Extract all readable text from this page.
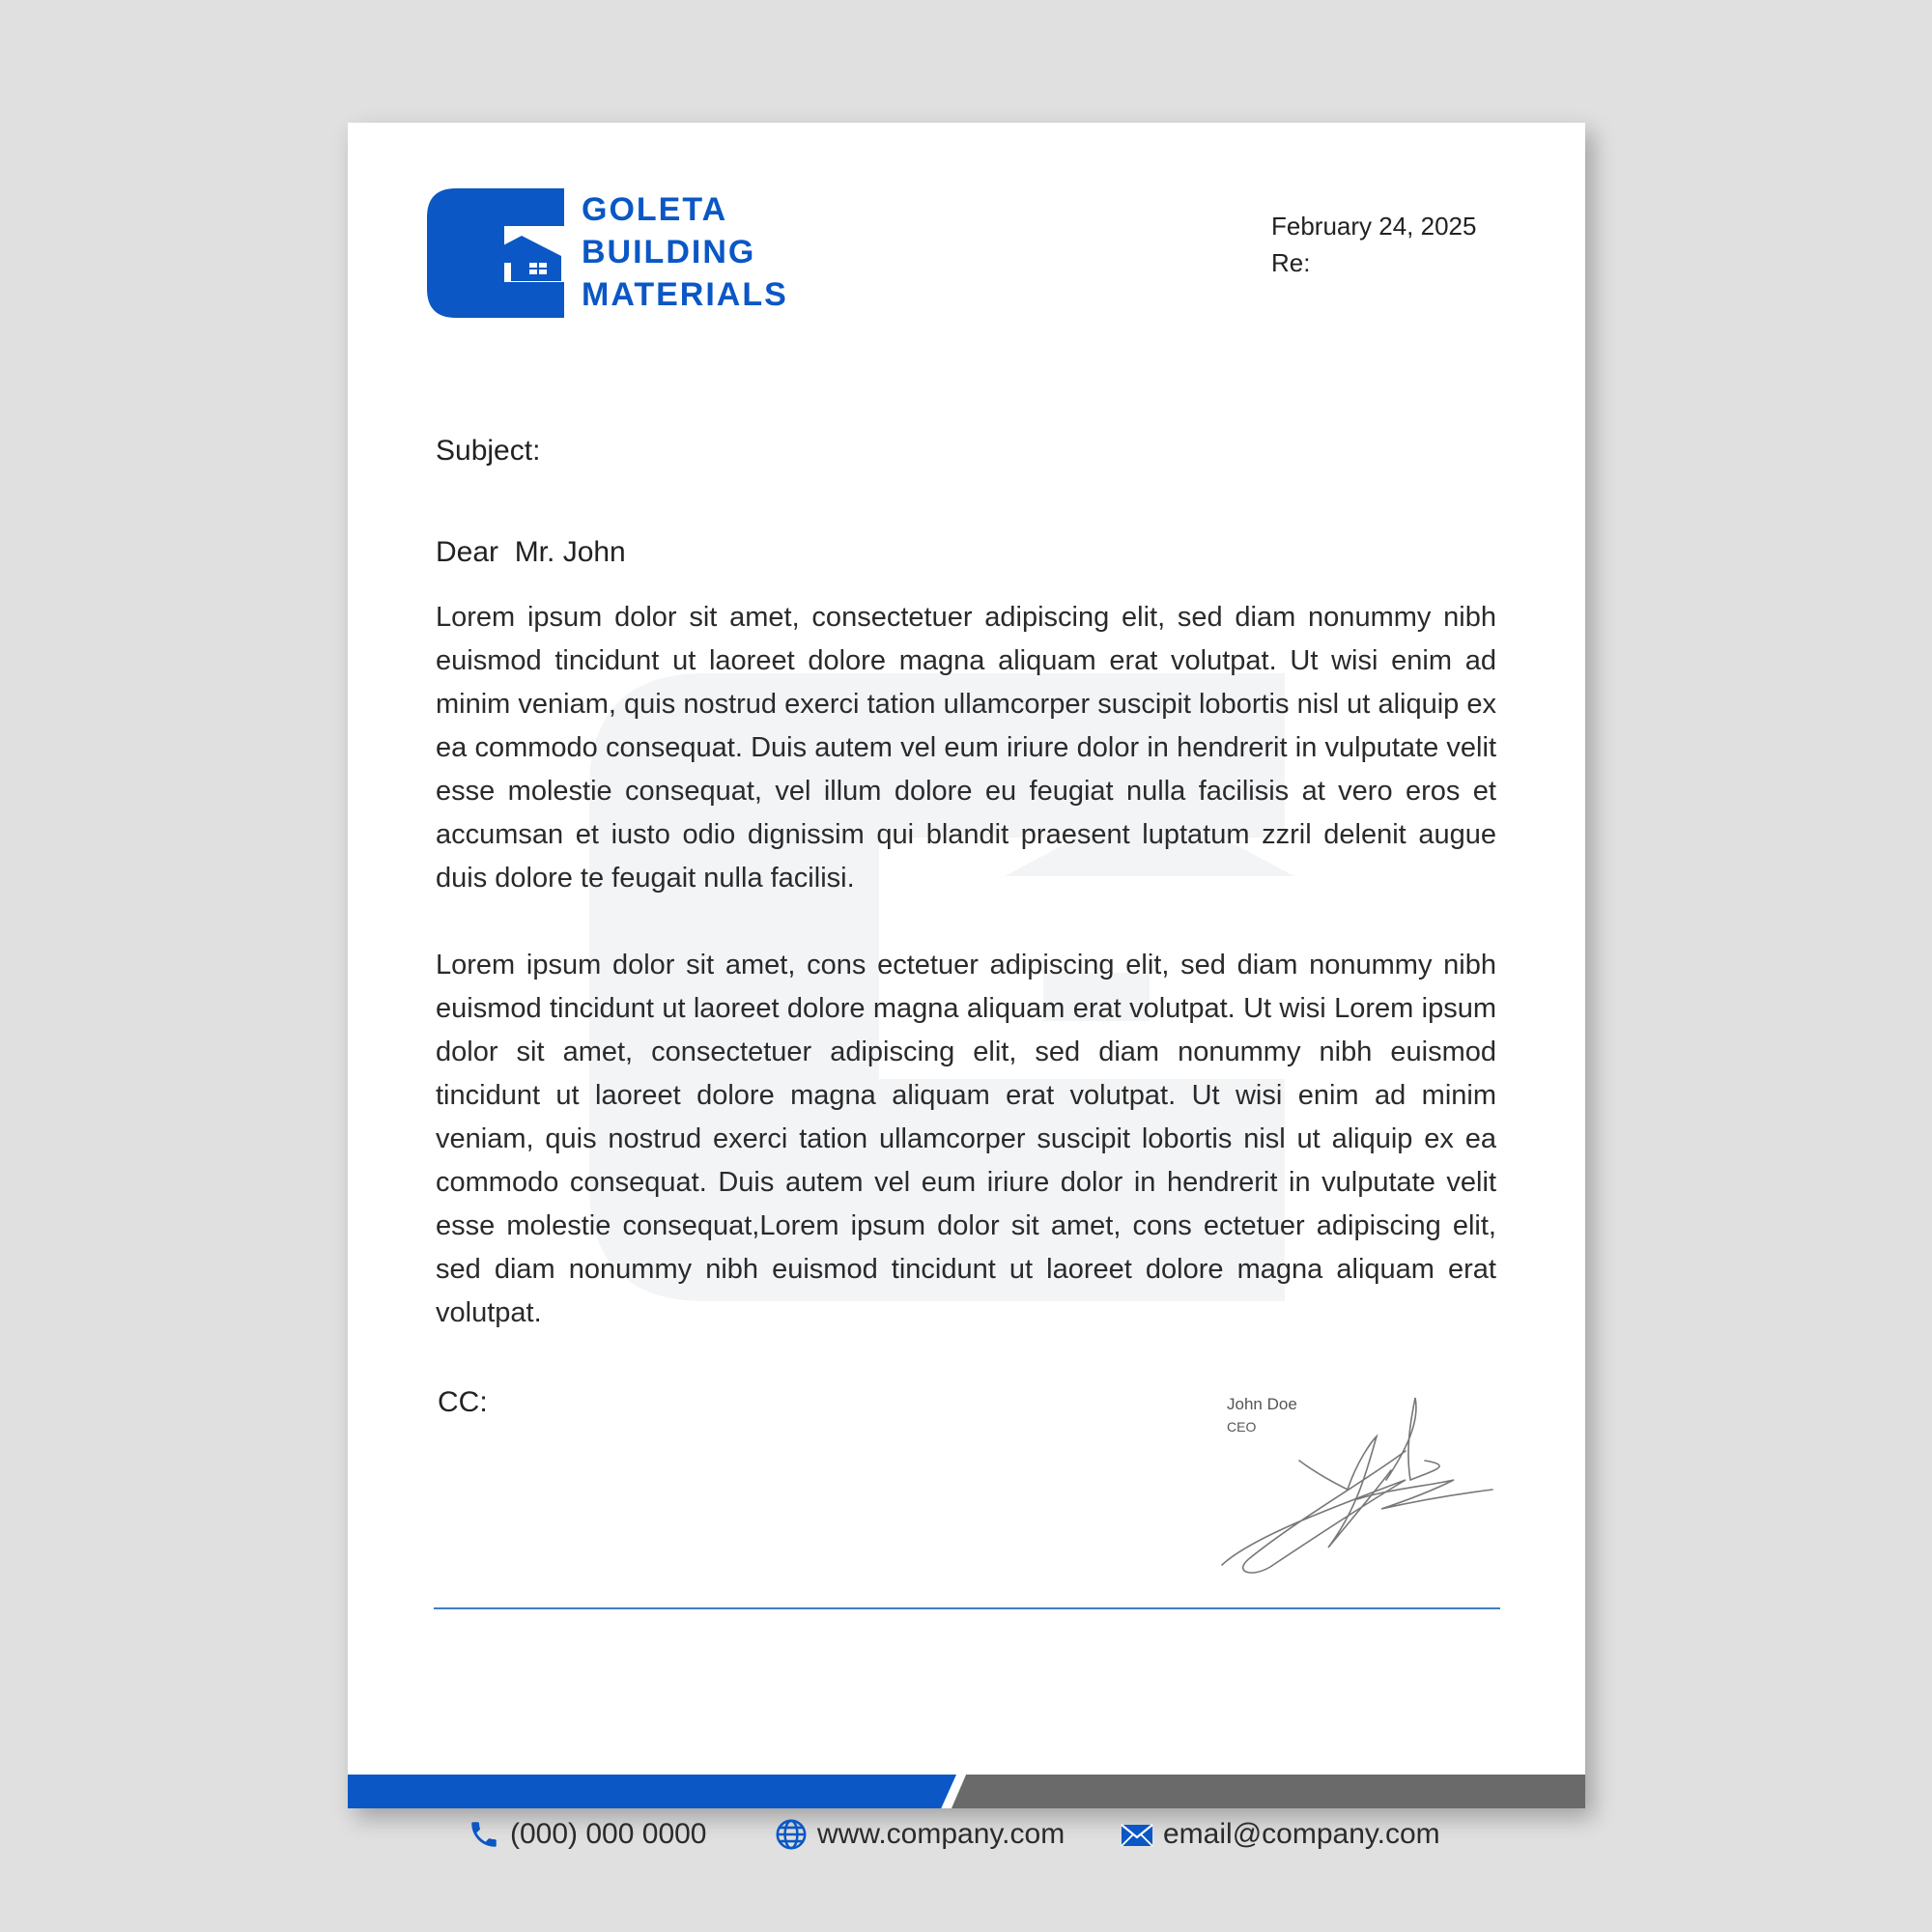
GOLETA
BUILDING
MATERIALS
February 24, 2025
Re:
Subject:
Dear  Mr. John

Lorem ipsum dolor sit amet, consectetuer adipiscing elit, sed diam nonummy nibh euismod tincidunt ut laoreet dolore magna aliquam erat volutpat. Ut wisi enim ad minim veniam, quis nostrud exerci tation ullamcorper suscipit lobortis nisl ut aliquip ex ea commodo consequat. Duis autem vel eum iriure dolor in hendrerit in vulputate velit esse molestie consequat, vel illum dolore eu feugiat nulla facilisis at vero eros et accumsan et iusto odio dignissim qui blandit praesent luptatum zzril delenit augue duis dolore te feugait nulla facilisi.

Lorem ipsum dolor sit amet, cons ectetuer adipiscing elit, sed diam nonummy nibh euismod tincidunt ut laoreet dolore magna aliquam erat volutpat. Ut wisi Lorem ipsum dolor sit amet, consectetuer adipiscing elit, sed diam nonummy nibh euismod tincidunt ut laoreet dolore magna aliquam erat volutpat. Ut wisi enim ad minim veniam, quis nostrud exerci tation ullamcorper suscipit lobortis nisl ut aliquip ex ea commodo consequat. Duis autem vel eum iriure dolor in hendrerit in vulputate velit esse molestie consequat,Lorem ipsum dolor sit amet, cons ectetuer adipiscing elit, sed diam nonummy nibh euismod tincidunt ut laoreet dolore magna aliquam erat volutpat.

CC:	John Doe
CEO
(000) 000 0000	www.company.com	email@company.com
